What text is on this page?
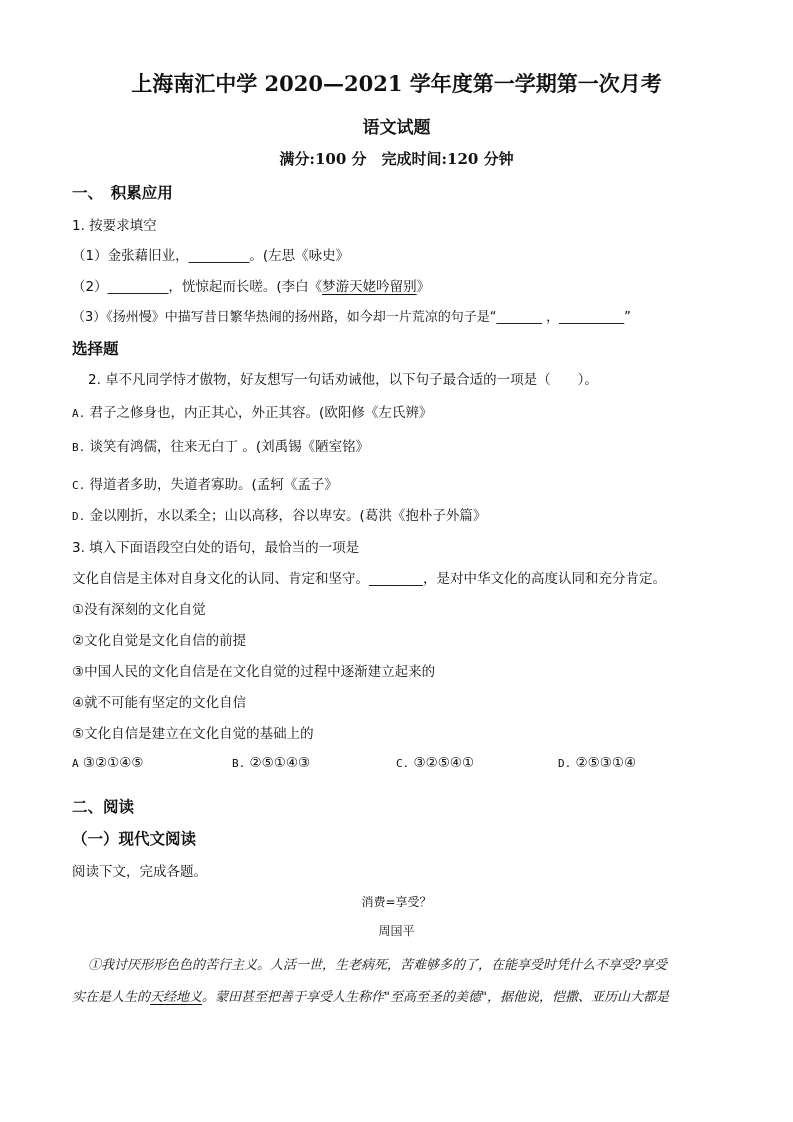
上海南汇中学 2020—2021 学年度第一学期第一次月考
语文试题
满分:100 分　完成时间:120 分钟
一、　积累应用
1. 按要求填空
（1）金张藉旧业，_________。(左思《咏史》
（2）_________，恍惊起而长嗟。(李白《梦游天姥吟留别》
（3）《扬州慢》中描写昔日繁华热闹的扬州路，如今却一片荒凉的句子是“_______ ，__________”
选择题
2. 卓不凡同学恃才傲物，好友想写一句话劝诫他，以下句子最合适的一项是（　　）。
A. 君子之修身也，内正其心，外正其容。(欧阳修《左氏辨》
B. 谈笑有鸿儒，往来无白丁 。(刘禹锡《陋室铭》
C. 得道者多助，失道者寡助。(孟轲《孟子》
D. 金以刚折，水以柔全；山以高移，谷以卑安。(葛洪《抱朴子外篇》
3. 填入下面语段空白处的语句，最恰当的一项是
文化自信是主体对自身文化的认同、肯定和坚守。________，是对中华文化的高度认同和充分肯定。
①没有深刻的文化自觉
②文化自觉是文化自信的前提
③中国人民的文化自信是在文化自觉的过程中逐渐建立起来的
④就不可能有坚定的文化自信
⑤文化自信是建立在文化自觉的基础上的
A ③②①④⑤	B. ②⑤①④③	C. ③②⑤④①	D. ②⑤③①④
二、阅读
（一）现代文阅读
阅读下文，完成各题。
消费=享受？
周国平
①我讨厌形形色色的苦行主义。人活一世，生老病死，苦难够多的了，在能享受时凭什么不享受?享受
实在是人生的天经地义。蒙田甚至把善于享受人生称作"至高至圣的美德"，据他说，恺撒、亚历山大都是
